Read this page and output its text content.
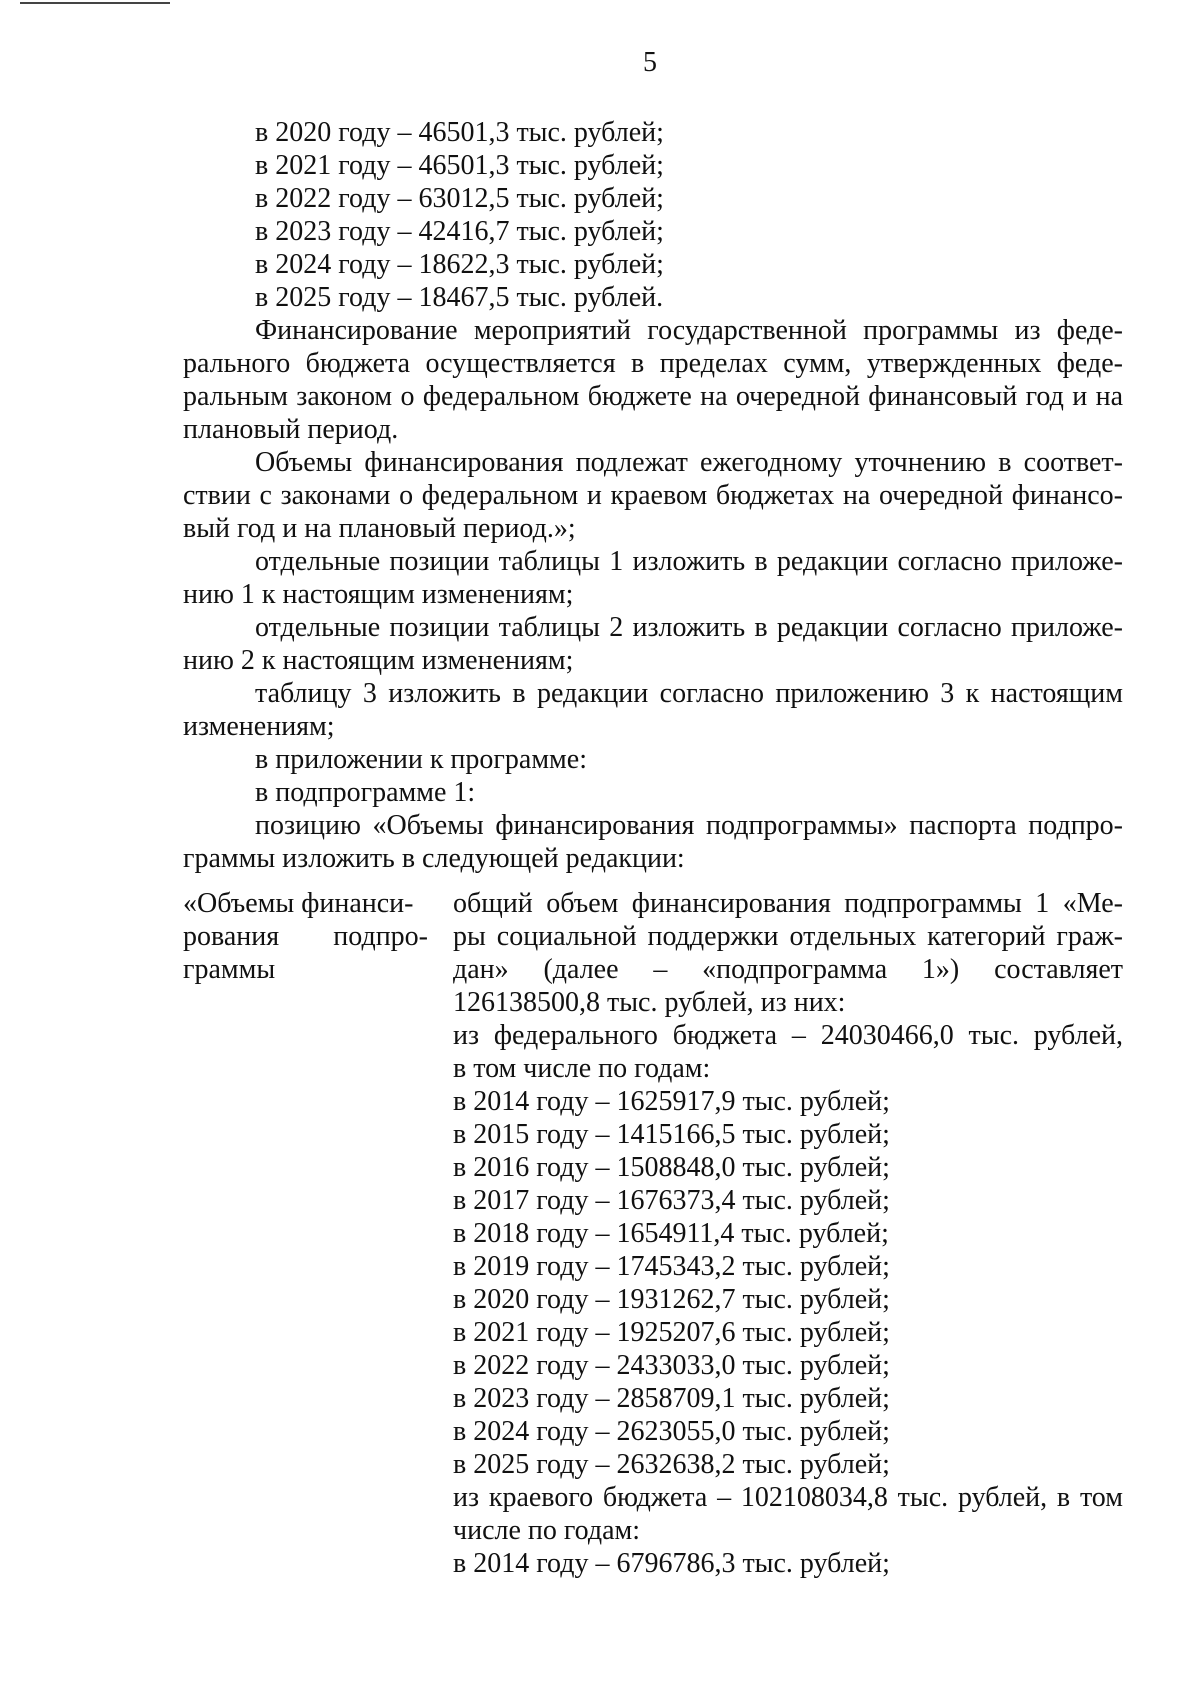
5
в 2020 году – 46501,3 тыс. рублей;
в 2021 году – 46501,3 тыс. рублей;
в 2022 году – 63012,5 тыс. рублей;
в 2023 году – 42416,7 тыс. рублей;
в 2024 году – 18622,3 тыс. рублей;
в 2025 году – 18467,5 тыс. рублей.
Финансирование мероприятий государственной программы из феде-
рального бюджета осуществляется в пределах сумм, утвержденных феде-
ральным законом о федеральном бюджете на очередной финансовый год и на
плановый период.
Объемы финансирования подлежат ежегодному уточнению в соответ-
ствии с законами о федеральном и краевом бюджетах на очередной финансо-
вый год и на плановый период.»;
отдельные позиции таблицы 1 изложить в редакции согласно приложе-
нию 1 к настоящим изменениям;
отдельные позиции таблицы 2 изложить в редакции согласно приложе-
нию 2 к настоящим изменениям;
таблицу 3 изложить в редакции согласно приложению 3 к настоящим
изменениям;
в приложении к программе:
в подпрограмме 1:
позицию «Объемы финансирования подпрограммы» паспорта подпро-
граммы изложить в следующей редакции:
«Объемы финанси-
рования подпро-
граммы
общий объем финансирования подпрограммы 1 «Ме-
ры социальной поддержки отдельных категорий граж-
дан» (далее – «подпрограмма 1») составляет
126138500,8 тыс. рублей, из них:
из федерального бюджета – 24030466,0 тыс. рублей,
в том числе по годам:
в 2014 году – 1625917,9 тыс. рублей;
в 2015 году – 1415166,5 тыс. рублей;
в 2016 году – 1508848,0 тыс. рублей;
в 2017 году – 1676373,4 тыс. рублей;
в 2018 году – 1654911,4 тыс. рублей;
в 2019 году – 1745343,2 тыс. рублей;
в 2020 году – 1931262,7 тыс. рублей;
в 2021 году – 1925207,6 тыс. рублей;
в 2022 году – 2433033,0 тыс. рублей;
в 2023 году – 2858709,1 тыс. рублей;
в 2024 году – 2623055,0 тыс. рублей;
в 2025 году – 2632638,2 тыс. рублей;
из краевого бюджета – 102108034,8 тыс. рублей, в том
числе по годам:
в 2014 году – 6796786,3 тыс. рублей;
